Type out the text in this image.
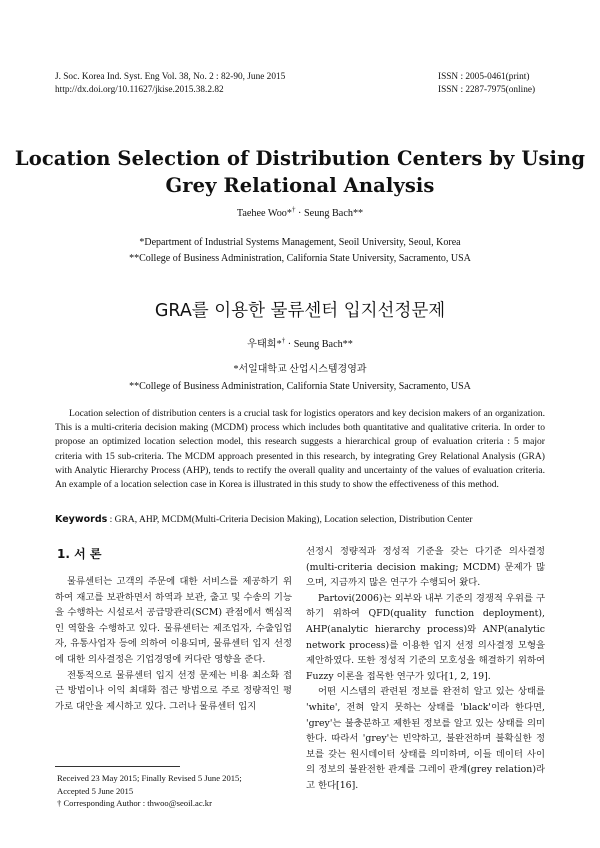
J. Soc. Korea Ind. Syst. Eng Vol. 38, No. 2 : 82-90, June 2015
http://dx.doi.org/10.11627/jkise.2015.38.2.82
ISSN : 2005-0461(print)
ISSN : 2287-7975(online)
Location Selection of Distribution Centers by Using
Grey Relational Analysis
Taehee Woo*† · Seung Bach**
*Department of Industrial Systems Management, Seoil University, Seoul, Korea
**College of Business Administration, California State University, Sacramento, USA
GRA를 이용한 물류센터 입지선정문제
우태희*† · Seung Bach**
*서일대학교 산업시스템경영과
**College of Business Administration, California State University, Sacramento, USA
Location selection of distribution centers is a crucial task for logistics operators and key decision makers of an organization. This is a multi-criteria decision making (MCDM) process which includes both quantitative and qualitative criteria. In order to propose an optimized location selection model, this research suggests a hierarchical group of evaluation criteria : 5 major criteria with 15 sub-criteria. The MCDM approach presented in this research, by integrating Grey Relational Analysis (GRA) with Analytic Hierarchy Process (AHP), tends to rectify the overall quality and uncertainty of the values of evaluation criteria. An example of a location selection case in Korea is illustrated in this study to show the effectiveness of this method.
Keywords : GRA, AHP, MCDM(Multi-Criteria Decision Making), Location selection, Distribution Center
1. 서 론

물류센터는 고객의 주문에 대한 서비스를 제공하기 위하여 재고를 보관하면서 하역과 보관, 출고 및 수송의 기능을 수행하는 시설로서 공급망관리(SCM) 관점에서 핵심적인 역할을 수행하고 있다. 물류센터는 제조업자, 수출입업자, 유통사업자 등에 의하여 이용되며, 물류센터 입지 선정에 대한 의사결정은 기업경영에 커다란 영향을 준다.

전통적으로 물류센터 입지 선정 문제는 비용 최소화 접근 방법이나 이익 최대화 접근 방법으로 주로 정량적인 평가로 대안을 제시하고 있다. 그러나 물류센터 입지

Received 23 May 2015; Finally Revised 5 June 2015;
Accepted 5 June 2015
† Corresponding Author : thwoo@seoil.ac.kr

선정시 정량적과 정성적 기준을 갖는 다기준 의사결정(multi-criteria decision making; MCDM) 문제가 많으며, 지금까지 많은 연구가 수행되어 왔다.

Partovi(2006)는 외부와 내부 기준의 경쟁적 우위를 구하기 위하여 QFD(quality function deployment), AHP(analytic hierarchy process)와 ANP(analytic network process)를 이용한 입지 선정 의사결정 모형을 제안하였다. 또한 정성적 기준의 모호성을 해결하기 위하여 Fuzzy 이론을 접목한 연구가 있다[1, 2, 19].

어떤 시스템의 관련된 정보를 완전히 알고 있는 상태를 'white', 전혀 알지 못하는 상태를 'black'이라 한다면, 'grey'는 불충분하고 제한된 정보를 알고 있는 상태를 의미한다. 따라서 'grey'는 빈약하고, 불완전하며 불확실한 정보를 갖는 원시데이터 상태를 의미하며, 이들 데이터 사이의 정보의 불완전한 관계를 그레이 관계(grey relation)라고 한다[16].
